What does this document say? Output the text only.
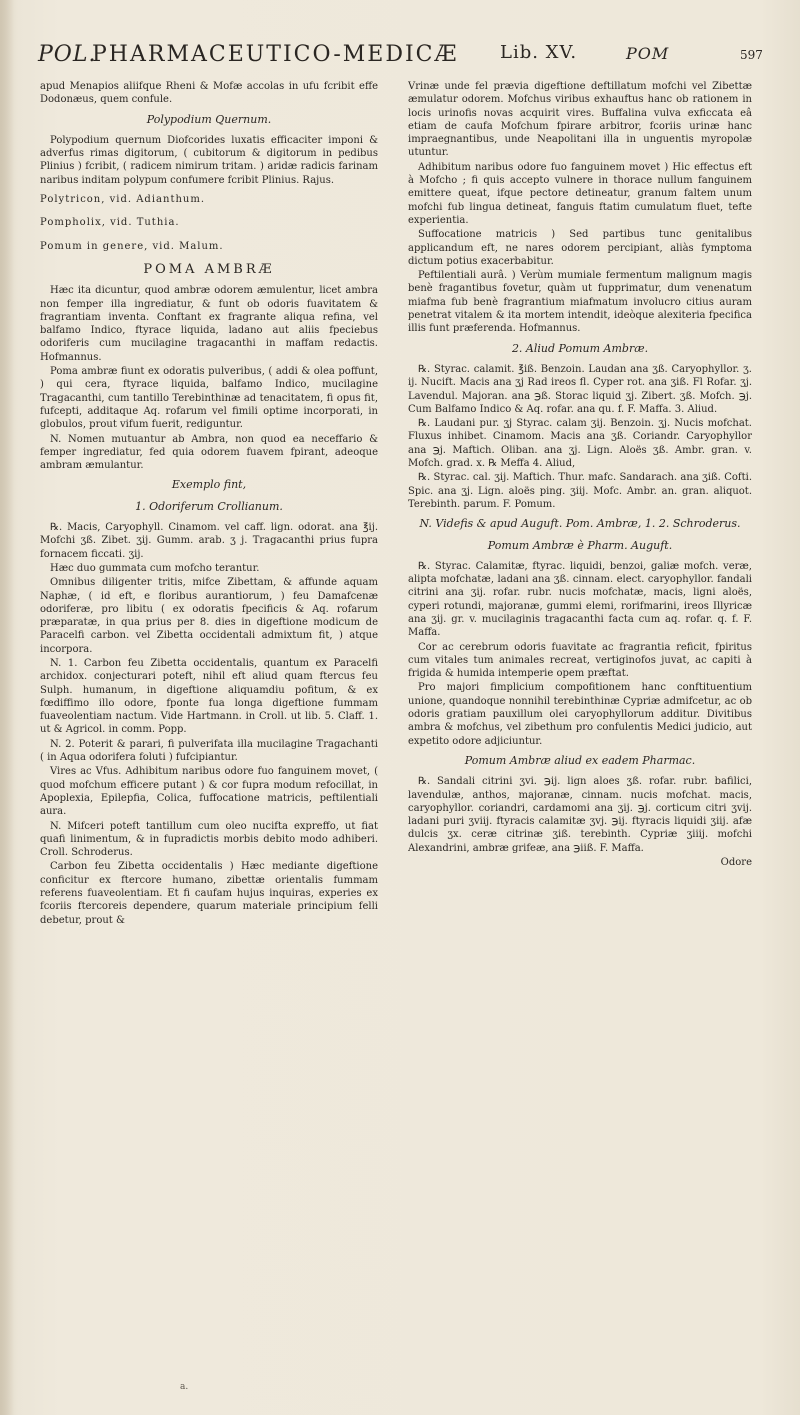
POL.
PHARMACEUTICO-MEDICÆ Lib. XV.	POM	597

apud Menapios aliifque Rheni & Mofæ accolas in ufu fcribit effe Dodonæus, quem confule.

Polypodium Quernum.

Polypodium quernum Diofcorides luxatis efficaciter imponi & adverfus rimas digitorum, ( cubitorum & digitorum in pedibus Plinius ) fcribit, ( radicem nimirum tritam. ) aridæ radicis farinam naribus inditam polypum confumere fcribit Plinius. Rajus.

Polytricon, vid. Adianthum.

Pompholix, vid. Tuthia.

Pomum in genere, vid. Malum.

POMA AMBRÆ

Hæc ita dicuntur, quod ambræ odorem æmulentur, licet ambra non femper illa ingrediatur, & funt ob odoris fuavitatem & fragrantiam inventa. Conftant ex fragrante aliqua refina, vel balfamo Indico, ftyrace liquida, ladano aut aliis fpeciebus odoriferis cum mucilagine tragacanthi in maffam redactis. Hofmannus.

Poma ambræ fiunt ex odoratis pulveribus, ( addi & olea poffunt, ) qui cera, ftyrace liquida, balfamo Indico, mucilagine Tragacanthi, cum tantillo Terebinthinæ ad tenacitatem, fi opus fit, fufcepti, additaque Aq. rofarum vel fimili optime incorporati, in globulos, prout vifum fuerit, rediguntur.

N. Nomen mutuantur ab Ambra, non quod ea neceffario & femper ingrediatur, fed quia odorem fuavem fpirant, adeoque ambram æmulantur.

Exemplo fint,

1. Odoriferum Crollianum.

℞. Macis, Caryophyll. Cinamom. vel caff. lign. odorat. ana ℥ij. Mofchi ʒß. Zibet. ʒij. Gumm. arab. ʒ j. Tragacanthi prius fupra fornacem ficcati. ʒij.

Hæc duo gummata cum mofcho terantur.

Omnibus diligenter tritis, mifce Zibettam, & affunde aquam Naphæ, ( id eft, e floribus aurantiorum, ) feu Damafcenæ odoriferæ, pro libitu ( ex odoratis fpecificis & Aq. rofarum præparatæ, in qua prius per 8. dies in digeftione modicum de Paracelfi carbon. vel Zibetta occidentali admixtum fit, ) atque incorpora.

N. 1. Carbon feu Zibetta occidentalis, quantum ex Paracelfi archidox. conjecturari poteft, nihil eft aliud quam ftercus feu Sulph. humanum, in digeftione aliquamdiu pofitum, & ex fœdiffimo illo odore, fponte fua longa digeftione fummam fuaveolentiam nactum. Vide Hartmann. in Croll. ut lib. 5. Claff. 1. ut & Agricol. in comm. Popp.

N. 2. Poterit & parari, fi pulverifata illa mucilagine Tragachanti ( in Aqua odorifera foluti ) fufcipiantur.

Vires ac Vfus. Adhibitum naribus odore fuo fanguinem movet, ( quod mofchum efficere putant ) & cor fupra modum refocillat, in Apoplexia, Epilepfia, Colica, fuffocatione matricis, peftilentiali aura.

N. Mifceri poteft tantillum cum oleo nucifta expreffo, ut fiat quafi linimentum, & in fupradictis morbis debito modo adhiberi. Croll. Schroderus.

Carbon feu Zibetta occidentalis ) Hæc mediante digeftione conficitur ex ftercore humano, zibettæ orientalis fummam referens fuaveolentiam. Et fi caufam hujus inquiras, experies ex fcoriis ftercoreis dependere, quarum materiale principium felli debetur, prout &

Vrinæ unde fel prævia digeftione deftillatum mofchi vel Zibettæ æmulatur odorem. Mofchus viribus exhauftus hanc ob rationem in locis urinofis novas acquirit vires. Buffalina vulva exficcata eâ etiam de caufa Mofchum fpirare arbitror, fcoriis urinæ hanc impraegnantibus, unde Neapolitani illa in unguentis myropolæ utuntur.

Adhibitum naribus odore fuo fanguinem movet ) Hic effectus eft à Mofcho ; fi quis accepto vulnere in thorace nullum fanguinem emittere queat, ifque pectore detineatur, granum faltem unum mofchi fub lingua detineat, fanguis ftatim cumulatum fluet, tefte experientia.

Suffocatione matricis ) Sed partibus tunc genitalibus applicandum eft, ne nares odorem percipiant, aliàs fymptoma dictum potius exacerbabitur.

Peftilentiali aurâ. ) Verùm mumiale fermentum malignum magis benè fragantibus fovetur, quàm ut fupprimatur, dum venenatum miafma fub benè fragrantium miafmatum involucro citius auram penetrat vitalem & ita mortem intendit, ideòque alexiteria fpecifica illis funt præferenda. Hofmannus.

2. Aliud Pomum Ambræ.

℞. Styrac. calamit. ℥iß. Benzoin. Laudan ana ʒß. Caryophyllor. ʒ. ij. Nucift. Macis ana ʒj Rad ireos fl. Cyper rot. ana ʒiß. Fl Rofar. ʒj. Lavendul. Majoran. ana ℈ß. Storac liquid ʒj. Zibert. ʒß. Mofch. ℈j. Cum Balfamo Indico & Aq. rofar. ana qu. f. F. Maffa. 3. Aliud.

℞. Laudani pur. ʒj Styrac. calam ʒij. Benzoin. ʒj. Nucis mofchat. Fluxus inhibet. Cinamom. Macis ana ʒß. Coriandr. Caryophyllor ana ℈j. Maftich. Oliban. ana ʒj. Lign. Aloës ʒß. Ambr. gran. v. Mofch. grad. x. ℞ Meffa 4. Aliud,

℞. Styrac. cal. ʒij. Maftich. Thur. mafc. Sandarach. ana ʒiß. Cofti. Spic. ana ʒj. Lign. aloës ping. ʒiij. Mofc. Ambr. an. gran. aliquot. Terebinth. parum. F. Pomum.

N. Videfis & apud Auguft. Pom. Ambræ, 1. 2. Schroderus.

Pomum Ambræ è Pharm. Auguft.

℞. Styrac. Calamitæ, ftyrac. liquidi, benzoi, galiæ mofch. veræ, alipta mofchatæ, ladani ana ʒß. cinnam. elect. caryophyllor. fandali citrini ana ʒij. rofar. rubr. nucis mofchatæ, macis, ligni aloës, cyperi rotundi, majoranæ, gummi elemi, rorifmarini, ireos Illyricæ ana ʒij. gr. v. mucilaginis tragacanthi facta cum aq. rofar. q. f. F. Maffa.

Cor ac cerebrum odoris fuavitate ac fragrantia reficit, fpiritus cum vitales tum animales recreat, vertiginofos juvat, ac capiti à frigida & humida intemperie opem præftat.

Pro majori fimplicium compofitionem hanc conftituentium unione, quandoque nonnihil terebinthinæ Cypriæ admifcetur, ac ob odoris gratiam pauxillum olei caryophyllorum additur. Divitibus ambra & mofchus, vel zibethum pro confulentis Medici judicio, aut expetito odore adjiciuntur.

Pomum Ambræ aliud ex eadem Pharmac.

℞. Sandali citrini ʒvi. ℈ij. lign aloes ʒß. rofar. rubr. bafilici, lavendulæ, anthos, majoranæ, cinnam. nucis mofchat. macis, caryophyllor. coriandri, cardamomi ana ʒij. ℈j. corticum citri ʒvij. ladani puri ʒviij. ftyracis calamitæ ʒvj. ℈ij. ftyracis liquidi ʒiij. afæ dulcis ʒx. ceræ citrinæ ʒiß. terebinth. Cypriæ ʒiiij. mofchi Alexandrini, ambræ grifeæ, ana ℈iiß. F. Maffa.

Odore

a.
